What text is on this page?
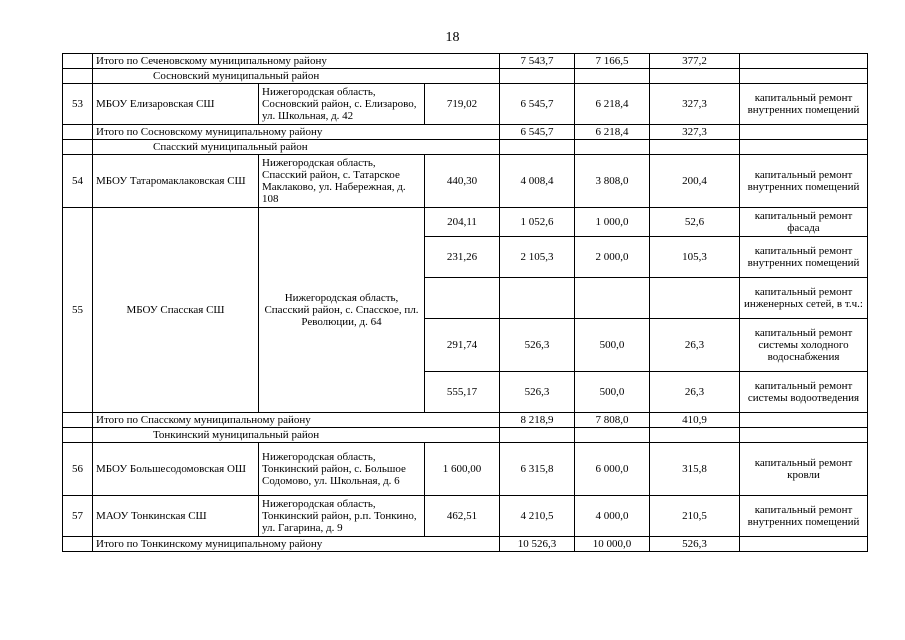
18
	Итого по Сеченовскому муниципальному району			7 543,7	7 166,5	377,2	
	Сосновский муниципальный район						
53	МБОУ Елизаровская СШ	Нижегородская область, Сосновский район, с. Елизарово, ул. Школьная, д. 42	719,02	6 545,7	6 218,4	327,3	капитальный ремонт внутренних помещений
	Итого по Сосновскому муниципальному району			6 545,7	6 218,4	327,3	
	Спасский муниципальный район						
54	МБОУ Татаромаклаковская СШ	Нижегородская область, Спасский район, с. Татарское Маклаково, ул. Набережная, д. 108	440,30	4 008,4	3 808,0	200,4	капитальный ремонт внутренних помещений
55	МБОУ Спасская СШ	Нижегородская область, Спасский район, с. Спасское, пл. Революции, д. 64	204,11	1 052,6	1 000,0	52,6	капитальный ремонт фасада
			231,26	2 105,3	2 000,0	105,3	капитальный ремонт внутренних помещений
							капитальный ремонт инженерных сетей, в т.ч.:
			291,74	526,3	500,0	26,3	капитальный ремонт системы холодного водоснабжения
			555,17	526,3	500,0	26,3	капитальный ремонт системы водоотведения
	Итого по Спасскому муниципальному району			8 218,9	7 808,0	410,9	
	Тонкинский муниципальный район						
56	МБОУ Большесодомовская ОШ	Нижегородская область, Тонкинский район, с. Большое Содомово, ул. Школьная, д. 6	1 600,00	6 315,8	6 000,0	315,8	капитальный ремонт кровли
57	МАОУ Тонкинская СШ	Нижегородская область, Тонкинский район, р.п. Тонкино, ул. Гагарина, д. 9	462,51	4 210,5	4 000,0	210,5	капитальный ремонт внутренних помещений
	Итого по Тонкинскому муниципальному району			10 526,3	10 000,0	526,3	
